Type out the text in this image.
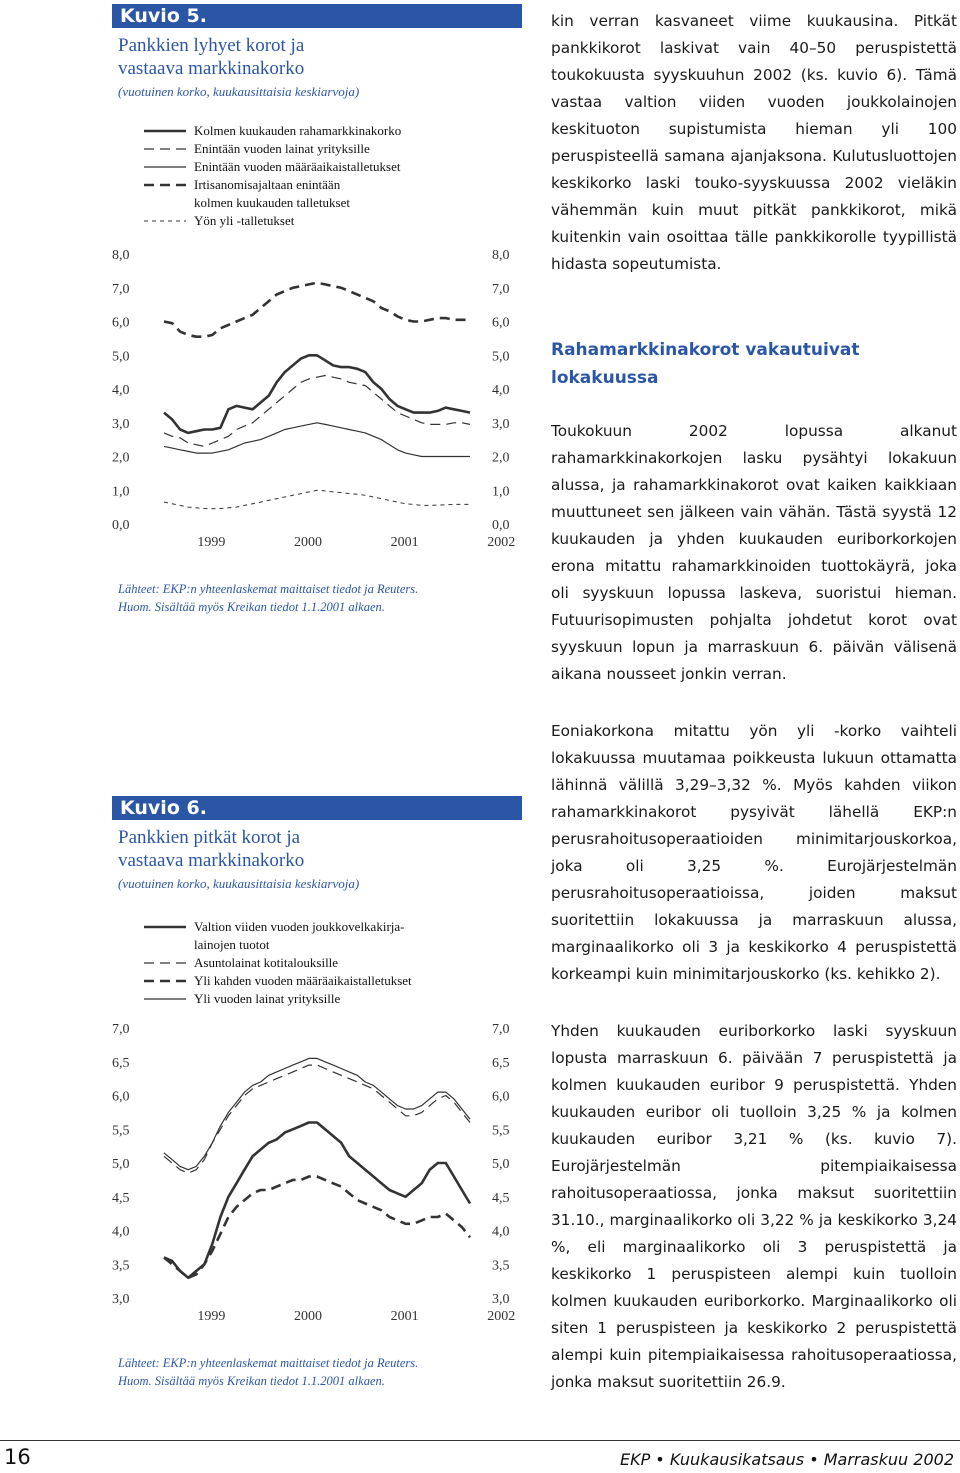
Kuvio 5.
Pankkien lyhyet korot ja
vastaava markkinakorko
(vuotuinen korko, kuukausittaisia keskiarvoja)
Kolmen kuukauden rahamarkkinakorko
Enintään vuoden lainat yrityksille
Enintään vuoden määräaikaistalletukset
Irtisanomisajaltaan enintään
kolmen kuukauden talletukset
Yön yli -talletukset
0,0	0,0
1,0	1,0
2,0	2,0
3,0	3,0
4,0	4,0
5,0	5,0
6,0	6,0
7,0	7,0
8,0	8,0
1999	2000	2001	2002
Lähteet: EKP:n yhteenlaskemat maittaiset tiedot ja Reuters.
Huom. Sisältää myös Kreikan tiedot 1.1.2001 alkaen.
Kuvio 6.
Pankkien pitkät korot ja
vastaava markkinakorko
(vuotuinen korko, kuukausittaisia keskiarvoja)
Valtion viiden vuoden joukkovelkakirja-
lainojen tuotot
Asuntolainat kotitalouksille
Yli kahden vuoden määräaikaistalletukset
Yli vuoden lainat yrityksille
3,0	3,0
3,5	3,5
4,0	4,0
4,5	4,5
5,0	5,0
5,5	5,5
6,0	6,0
6,5	6,5
7,0	7,0
1999	2000	2001	2002
Lähteet: EKP:n yhteenlaskemat maittaiset tiedot ja Reuters.
Huom. Sisältää myös Kreikan tiedot 1.1.2001 alkaen.

kin verran kasvaneet viime kuukausina. Pitkät pankkikorot laskivat vain 40–50 peruspistettä toukokuusta syyskuuhun 2002 (ks. kuvio 6). Tämä vastaa valtion viiden vuoden joukkolainojen keskituoton supistumista hieman yli 100 peruspisteellä samana ajanjaksona. Kulutusluottojen keskikorko laski touko-syyskuussa 2002 vieläkin vähemmän kuin muut pitkät pankkikorot, mikä kuitenkin vain osoittaa tälle pankkikorolle tyypillistä hidasta sopeutumista.

Rahamarkkinakorot vakautuivat
lokakuussa

Toukokuun 2002 lopussa alkanut rahamarkkinakorkojen lasku pysähtyi lokakuun alussa, ja rahamarkkinakorot ovat kaiken kaikkiaan muuttuneet sen jälkeen vain vähän. Tästä syystä 12 kuukauden ja yhden kuukauden euriborkorkojen erona mitattu rahamarkkinoiden tuottokäyrä, joka oli syyskuun lopussa laskeva, suoristui hieman. Futuurisopimusten pohjalta johdetut korot ovat syyskuun lopun ja marraskuun 6. päivän välisenä aikana nousseet jonkin verran.

Eoniakorkona mitattu yön yli -korko vaihteli lokakuussa muutamaa poikkeusta lukuun ottamatta lähinnä välillä 3,29–3,32 %. Myös kahden viikon rahamarkkinakorot pysyivät lähellä EKP:n perusrahoitusoperaatioiden minimitarjouskorkoa, joka oli 3,25 %. Eurojärjestelmän perusrahoitusoperaatioissa, joiden maksut suoritettiin lokakuussa ja marraskuun alussa, marginaalikorko oli 3 ja keskikorko 4 peruspistettä korkeampi kuin minimitarjouskorko (ks. kehikko 2).

Yhden kuukauden euriborkorko laski syyskuun lopusta marraskuun 6. päivään 7 peruspistettä ja kolmen kuukauden euribor 9 peruspistettä. Yhden kuukauden euribor oli tuolloin 3,25 % ja kolmen kuukauden euribor 3,21 % (ks. kuvio 7). Eurojärjestelmän pitempiaikaisessa rahoitusoperaatiossa, jonka maksut suoritettiin 31.10., marginaalikorko oli 3,22 % ja keskikorko 3,24 %, eli marginaalikorko oli 3 peruspistettä ja keskikorko 1 peruspisteen alempi kuin tuolloin kolmen kuukauden euriborkorko. Marginaalikorko oli siten 1 peruspisteen ja keskikorko 2 peruspistettä alempi kuin pitempiaikaisessa rahoitusoperaatiossa, jonka maksut suoritettiin 26.9.

16	EKP • Kuukausikatsaus • Marraskuu 2002
